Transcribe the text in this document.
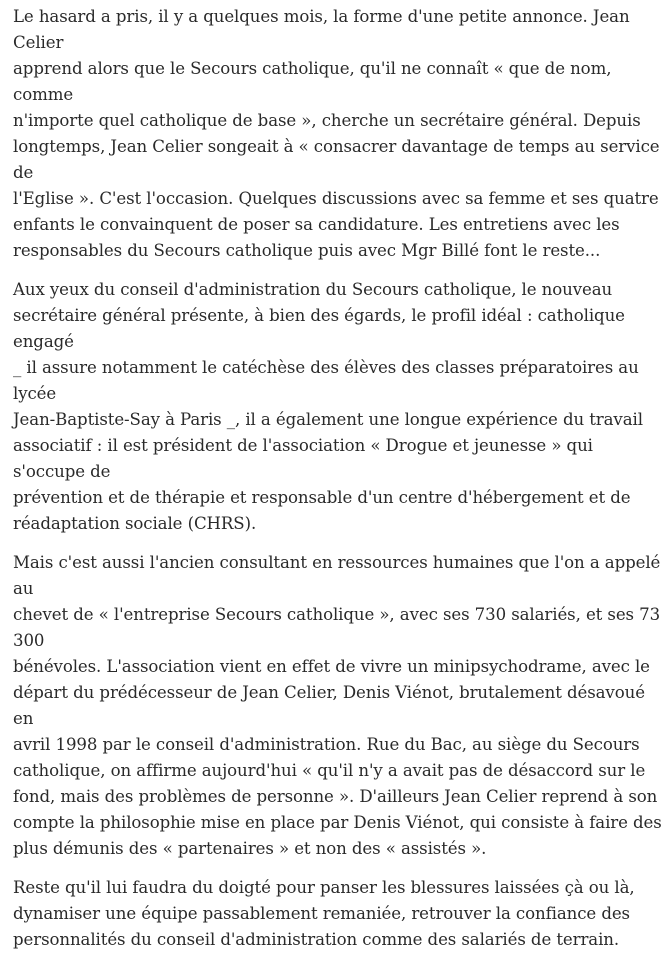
Le hasard a pris, il y a quelques mois, la forme d'une petite annonce. Jean Celier
apprend alors que le Secours catholique, qu'il ne connaît « que de nom, comme
n'importe quel catholique de base », cherche un secrétaire général. Depuis
longtemps, Jean Celier songeait à « consacrer davantage de temps au service de
l'Eglise ». C'est l'occasion. Quelques discussions avec sa femme et ses quatre
enfants le convainquent de poser sa candidature. Les entretiens avec les
responsables du Secours catholique puis avec Mgr Billé font le reste...

Aux yeux du conseil d'administration du Secours catholique, le nouveau
secrétaire général présente, à bien des égards, le profil idéal : catholique engagé
_ il assure notamment le catéchèse des élèves des classes préparatoires au lycée
Jean-Baptiste-Say à Paris _, il a également une longue expérience du travail
associatif : il est président de l'association « Drogue et jeunesse » qui s'occupe de
prévention et de thérapie et responsable d'un centre d'hébergement et de
réadaptation sociale (CHRS).

Mais c'est aussi l'ancien consultant en ressources humaines que l'on a appelé au
chevet de « l'entreprise Secours catholique », avec ses 730 salariés, et ses 73 300
bénévoles. L'association vient en effet de vivre un minipsychodrame, avec le
départ du prédécesseur de Jean Celier, Denis Viénot, brutalement désavoué en
avril 1998 par le conseil d'administration. Rue du Bac, au siège du Secours
catholique, on affirme aujourd'hui « qu'il n'y a avait pas de désaccord sur le
fond, mais des problèmes de personne ». D'ailleurs Jean Celier reprend à son
compte la philosophie mise en place par Denis Viénot, qui consiste à faire des
plus démunis des « partenaires » et non des « assistés ».

Reste qu'il lui faudra du doigté pour panser les blessures laissées çà ou là,
dynamiser une équipe passablement remaniée, retrouver la confiance des
personnalités du conseil d'administration comme des salariés de terrain.
